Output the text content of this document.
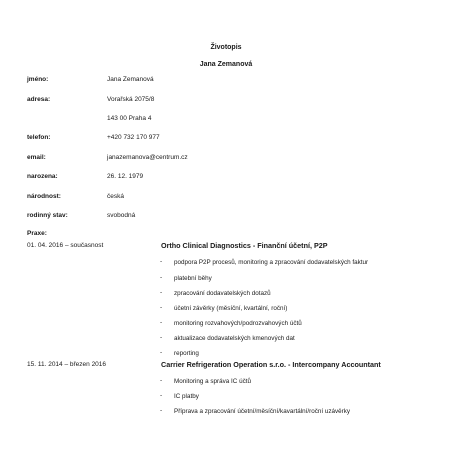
Životopis
Jana Zemanová
jméno:	Jana Zemanová
adresa:	Vorařská 2075/8
143 00 Praha 4
telefon:	+420 732 170 977
email:	janazemanova@centrum.cz
narozena:	26. 12. 1979
národnost:	česká
rodinný stav:	svobodná
Praxe:
01. 04. 2016 – současnost	Ortho Clinical Diagnostics - Finanční účetní, P2P
- podpora P2P procesů, monitoring a zpracování dodavatelských faktur
- platební běhy
- zpracování dodavatelských dotazů
- účetní závěrky (měsíční, kvartální, roční)
- monitoring rozvahových/podrozvahových účtů
- aktualizace dodavatelských kmenových dat
- reporting
15. 11. 2014 – březen 2016	Carrier Refrigeration Operation s.r.o. - Intercompany Accountant
- Monitoring a správa IC účtů
- IC platby
- Příprava a zpracování účetní/měsíční/kavartální/roční uzávěrky
